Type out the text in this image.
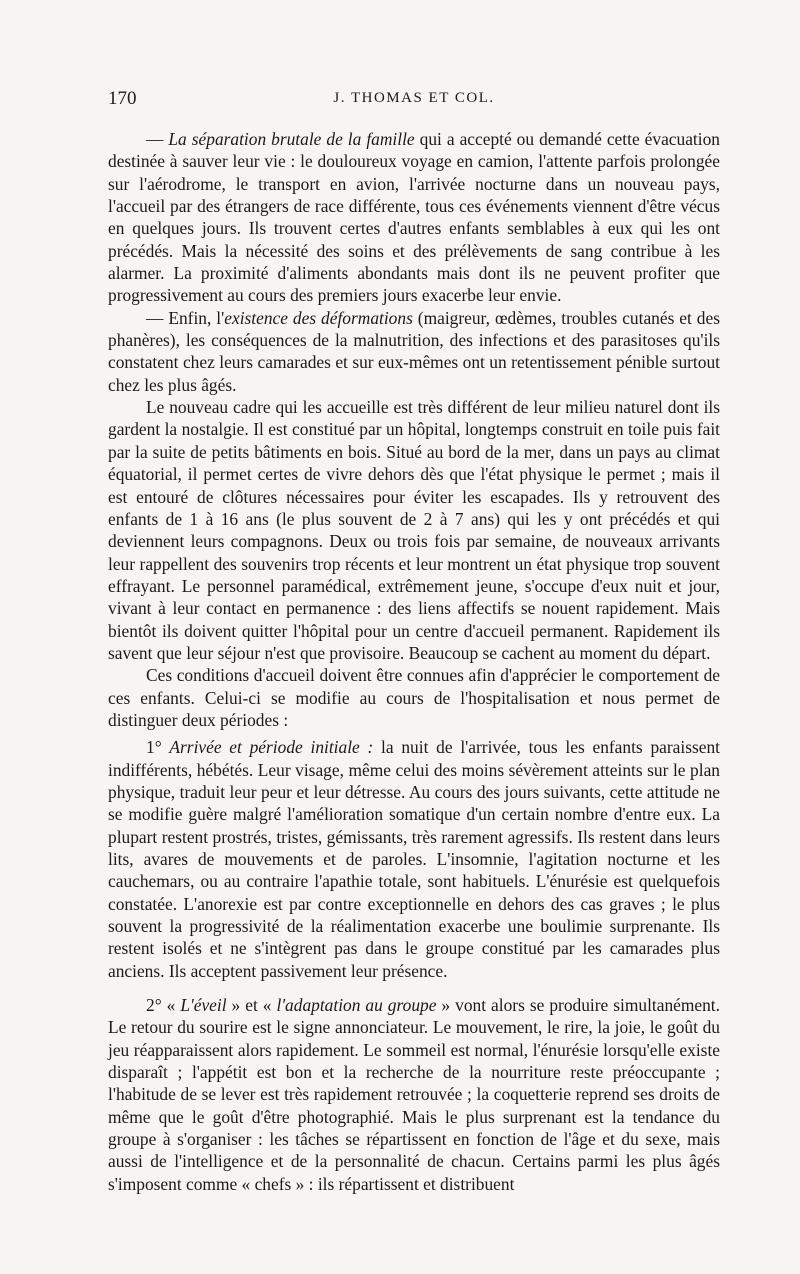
170	J. THOMAS ET COL.

— La séparation brutale de la famille qui a accepté ou demandé cette évacuation destinée à sauver leur vie : le douloureux voyage en camion, l'attente parfois prolongée sur l'aérodrome, le transport en avion, l'arrivée nocturne dans un nouveau pays, l'accueil par des étrangers de race différente, tous ces événements viennent d'être vécus en quelques jours. Ils trouvent certes d'autres enfants semblables à eux qui les ont précédés. Mais la nécessité des soins et des prélèvements de sang contribue à les alarmer. La proximité d'aliments abondants mais dont ils ne peuvent profiter que progressivement au cours des premiers jours exacerbe leur envie.

— Enfin, l'existence des déformations (maigreur, œdèmes, troubles cutanés et des phanères), les conséquences de la malnutrition, des infections et des parasitoses qu'ils constatent chez leurs camarades et sur eux-mêmes ont un retentissement pénible surtout chez les plus âgés.

Le nouveau cadre qui les accueille est très différent de leur milieu naturel dont ils gardent la nostalgie. Il est constitué par un hôpital, longtemps construit en toile puis fait par la suite de petits bâtiments en bois. Situé au bord de la mer, dans un pays au climat équatorial, il permet certes de vivre dehors dès que l'état physique le permet ; mais il est entouré de clôtures nécessaires pour éviter les escapades. Ils y retrouvent des enfants de 1 à 16 ans (le plus souvent de 2 à 7 ans) qui les y ont précédés et qui deviennent leurs compagnons. Deux ou trois fois par semaine, de nouveaux arrivants leur rappellent des souvenirs trop récents et leur montrent un état physique trop souvent effrayant. Le personnel paramédical, extrêmement jeune, s'occupe d'eux nuit et jour, vivant à leur contact en permanence : des liens affectifs se nouent rapidement. Mais bientôt ils doivent quitter l'hôpital pour un centre d'accueil permanent. Rapidement ils savent que leur séjour n'est que provisoire. Beaucoup se cachent au moment du départ.

Ces conditions d'accueil doivent être connues afin d'apprécier le comportement de ces enfants. Celui-ci se modifie au cours de l'hospitalisation et nous permet de distinguer deux périodes :

1° Arrivée et période initiale : la nuit de l'arrivée, tous les enfants paraissent indifférents, hébétés. Leur visage, même celui des moins sévèrement atteints sur le plan physique, traduit leur peur et leur détresse. Au cours des jours suivants, cette attitude ne se modifie guère malgré l'amélioration somatique d'un certain nombre d'entre eux. La plupart restent prostrés, tristes, gémissants, très rarement agressifs. Ils restent dans leurs lits, avares de mouvements et de paroles. L'insomnie, l'agitation nocturne et les cauchemars, ou au contraire l'apathie totale, sont habituels. L'énurésie est quelquefois constatée. L'anorexie est par contre exceptionnelle en dehors des cas graves ; le plus souvent la progressivité de la réalimentation exacerbe une boulimie surprenante. Ils restent isolés et ne s'intègrent pas dans le groupe constitué par les camarades plus anciens. Ils acceptent passivement leur présence.

2° « L'éveil » et « l'adaptation au groupe » vont alors se produire simultanément. Le retour du sourire est le signe annonciateur. Le mouvement, le rire, la joie, le goût du jeu réapparaissent alors rapidement. Le sommeil est normal, l'énurésie lorsqu'elle existe disparaît ; l'appétit est bon et la recherche de la nourriture reste préoccupante ; l'habitude de se lever est très rapidement retrouvée ; la coquetterie reprend ses droits de même que le goût d'être photographié. Mais le plus surprenant est la tendance du groupe à s'organiser : les tâches se répartissent en fonction de l'âge et du sexe, mais aussi de l'intelligence et de la personnalité de chacun. Certains parmi les plus âgés s'imposent comme « chefs » : ils répartissent et distribuent
